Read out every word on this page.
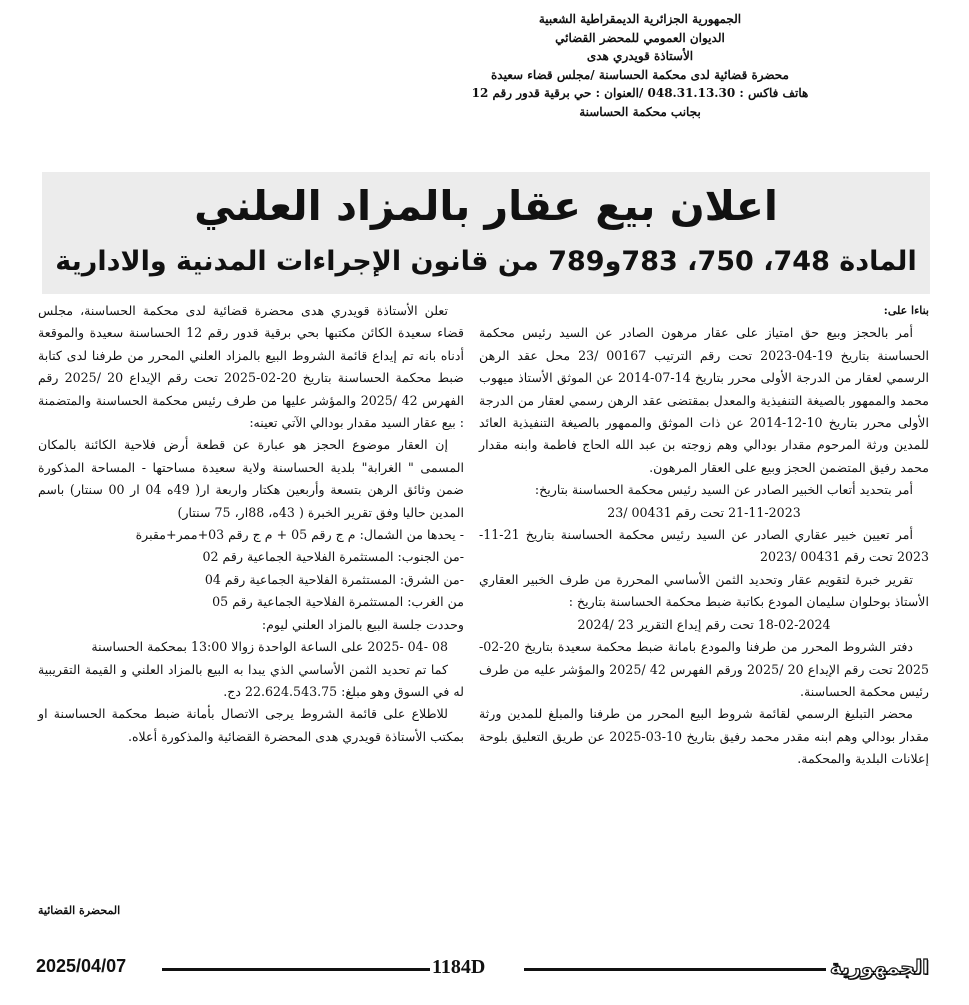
الجمهورية الجزائرية الديمقراطية الشعبية
الديوان العمومي للمحضر القضائي
الأستاذة قويدري هدى
محضرة قضائية لدى محكمة الحساسنة /مجلس قضاء سعيدة
هاتف فاكس : 048.31.13.30 /العنوان : حي برقية قدور رقم 12
بجانب محكمة الحساسنة
اعلان بيع عقار بالمزاد العلني
المادة 748، 750، 783و789 من قانون الإجراءات المدنية والادارية

بناءا على:

أمر بالحجز وبيع حق امتياز على عقار مرهون الصادر عن السيد رئيس محكمة الحساسنة بتاريخ 19-04-2023 تحت رقم الترتيب 00167 /23 محل عقد الرهن الرسمي لعقار من الدرجة الأولى محرر بتاريخ 14-07-2014 عن الموثق الأستاذ ميهوب محمد والممهور بالصيغة التنفيذية والمعدل بمقتضى عقد الرهن رسمي لعقار من الدرجة الأولى محرر بتاريخ 10-12-2014 عن ذات الموثق والممهور بالصيغة التنفيذية العائد للمدين ورثة المرحوم مقدار بودالي وهم زوجته بن عبد الله الحاج فاطمة وابنه مقدار محمد رفيق المتضمن الحجز وبيع على العقار المرهون.

أمر بتحديد أتعاب الخبير الصادر عن السيد رئيس محكمة الحساسنة بتاريخ:

21-11-2023 تحت رقم 00431 /23

أمر تعيين خبير عقاري الصادر عن السيد رئيس محكمة الحساسنة بتاريخ 21-11-2023 تحت رقم 00431 /2023

تقرير خبرة لتقويم عقار وتحديد الثمن الأساسي المحررة من طرف الخبير العقاري الأستاذ بوحلوان سليمان المودع بكاتبة ضبط محكمة الحساسنة بتاريخ :

18-02-2024 تحت رقم إيداع التقرير 23 /2024

دفتر الشروط المحرر من طرفنا والمودع بامانة ضبط محكمة سعيدة بتاريخ 20-02-2025 تحت رقم الإيداع 20 /2025 ورقم الفهرس 42 /2025 والمؤشر عليه من طرف رئيس محكمة الحساسنة.

محضر التبليغ الرسمي لقائمة شروط البيع المحرر من طرفنا والمبلغ للمدين ورثة مقدار بودالي وهم ابنه مقدر محمد رفيق بتاريخ 10-03-2025 عن طريق التعليق بلوحة إعلانات البلدية والمحكمة.

تعلن الأستاذة قويدري هدى محضرة قضائية لدى محكمة الحساسنة، مجلس قضاء سعيدة الكائن مكتبها بحي برقية قدور رقم 12 الحساسنة سعيدة والموقعة أدناه بانه تم إيداع قائمة الشروط البيع بالمزاد العلني المحرر من طرفنا لدى كتابة ضبط محكمة الحساسنة بتاريخ 20-02-2025 تحت رقم الإيداع 20 /2025 رقم الفهرس 42 /2025 والمؤشر عليها من طرف رئيس محكمة الحساسنة والمتضمنة : بيع عقار السيد مقدار بودالي الآتي تعينه:

إن العقار موضوع الحجز هو عبارة عن قطعة أرض فلاحية الكائنة بالمكان المسمى " الغرابة" بلدية الحساسنة ولاية سعيدة مساحتها - المساحة المذكورة ضمن وثائق الرهن بتسعة وأربعين هكتار واربعة ار( 49ه 04 ار 00 سنتار) باسم المدين حاليا وفق تقرير الخبرة ( 43ه، 88ار، 75 سنتار)

- يحدها من الشمال: م ج رقم 05 + م ج رقم 03+ممر+مقبرة

-من الجنوب: المستثمرة الفلاحية الجماعية رقم 02

-من الشرق: المستثمرة الفلاحية الجماعية رقم 04

من الغرب: المستثمرة الفلاحية الجماعية رقم 05

وحددت جلسة البيع بالمزاد العلني ليوم:

08 -04 -2025 على الساعة الواحدة زوالا 13:00 بمحكمة الحساسنة

كما تم تحديد الثمن الأساسي الذي يبدا به البيع بالمزاد العلني و القيمة التقريبية له في السوق وهو مبلغ: 22.624.543.75 دج.

للاطلاع على قائمة الشروط يرجى الاتصال بأمانة ضبط محكمة الحساسنة او بمكتب الأستاذة قويدري هدى المحضرة القضائية والمذكورة أعلاه.

المحضرة القضائية
2025/04/07	1184D	الجمهورية
